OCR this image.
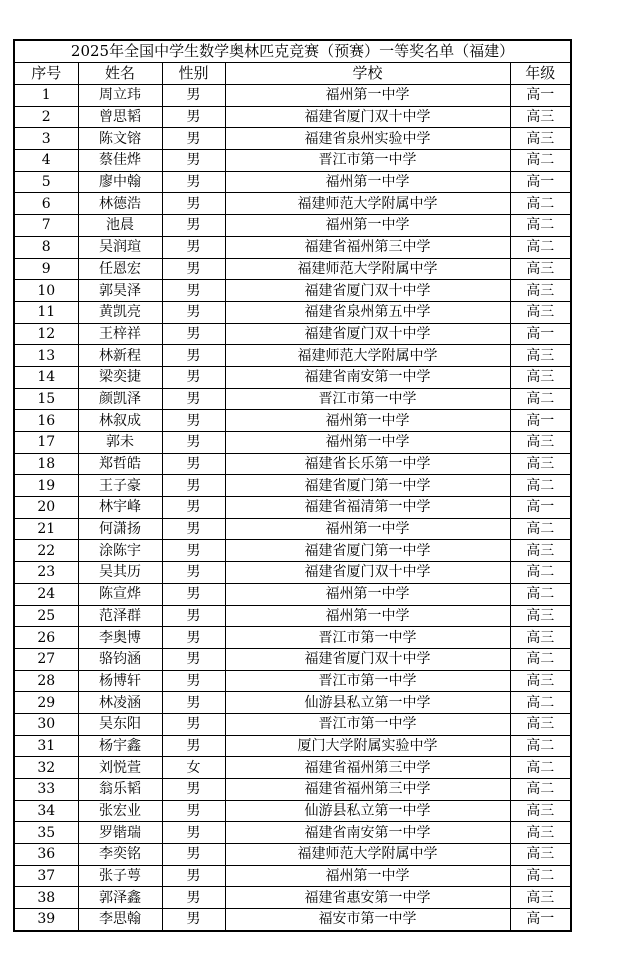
2025年全国中学生数学奥林匹克竞赛（预赛）一等奖名单（福建）				
序号	姓名	性别	学校	年级
1	周立玮	男	福州第一中学	高一
2	曾思韬	男	福建省厦门双十中学	高三
3	陈文镕	男	福建省泉州实验中学	高三
4	蔡佳烨	男	晋江市第一中学	高二
5	廖中翰	男	福州第一中学	高一
6	林德浩	男	福建师范大学附属中学	高二
7	池晨	男	福州第一中学	高二
8	吴润瑄	男	福建省福州第三中学	高二
9	任恩宏	男	福建师范大学附属中学	高三
10	郭昊泽	男	福建省厦门双十中学	高三
11	黄凯亮	男	福建省泉州第五中学	高三
12	王梓祥	男	福建省厦门双十中学	高一
13	林新程	男	福建师范大学附属中学	高三
14	梁奕捷	男	福建省南安第一中学	高三
15	颜凯泽	男	晋江市第一中学	高二
16	林叙成	男	福州第一中学	高一
17	郭未	男	福州第一中学	高三
18	郑哲皓	男	福建省长乐第一中学	高三
19	王子豪	男	福建省厦门第一中学	高二
20	林宇峰	男	福建省福清第一中学	高一
21	何潇扬	男	福州第一中学	高二
22	涂陈宇	男	福建省厦门第一中学	高三
23	吴其历	男	福建省厦门双十中学	高二
24	陈宣烨	男	福州第一中学	高二
25	范泽群	男	福州第一中学	高三
26	李奥博	男	晋江市第一中学	高三
27	骆钧涵	男	福建省厦门双十中学	高二
28	杨博轩	男	晋江市第一中学	高三
29	林凌涵	男	仙游县私立第一中学	高二
30	吴东阳	男	晋江市第一中学	高三
31	杨宇鑫	男	厦门大学附属实验中学	高二
32	刘悦萱	女	福建省福州第三中学	高二
33	翁乐韬	男	福建省福州第三中学	高二
34	张宏业	男	仙游县私立第一中学	高三
35	罗锴瑞	男	福建省南安第一中学	高三
36	李奕铭	男	福建师范大学附属中学	高三
37	张子萼	男	福州第一中学	高二
38	郭泽鑫	男	福建省惠安第一中学	高三
39	李思翰	男	福安市第一中学	高一
